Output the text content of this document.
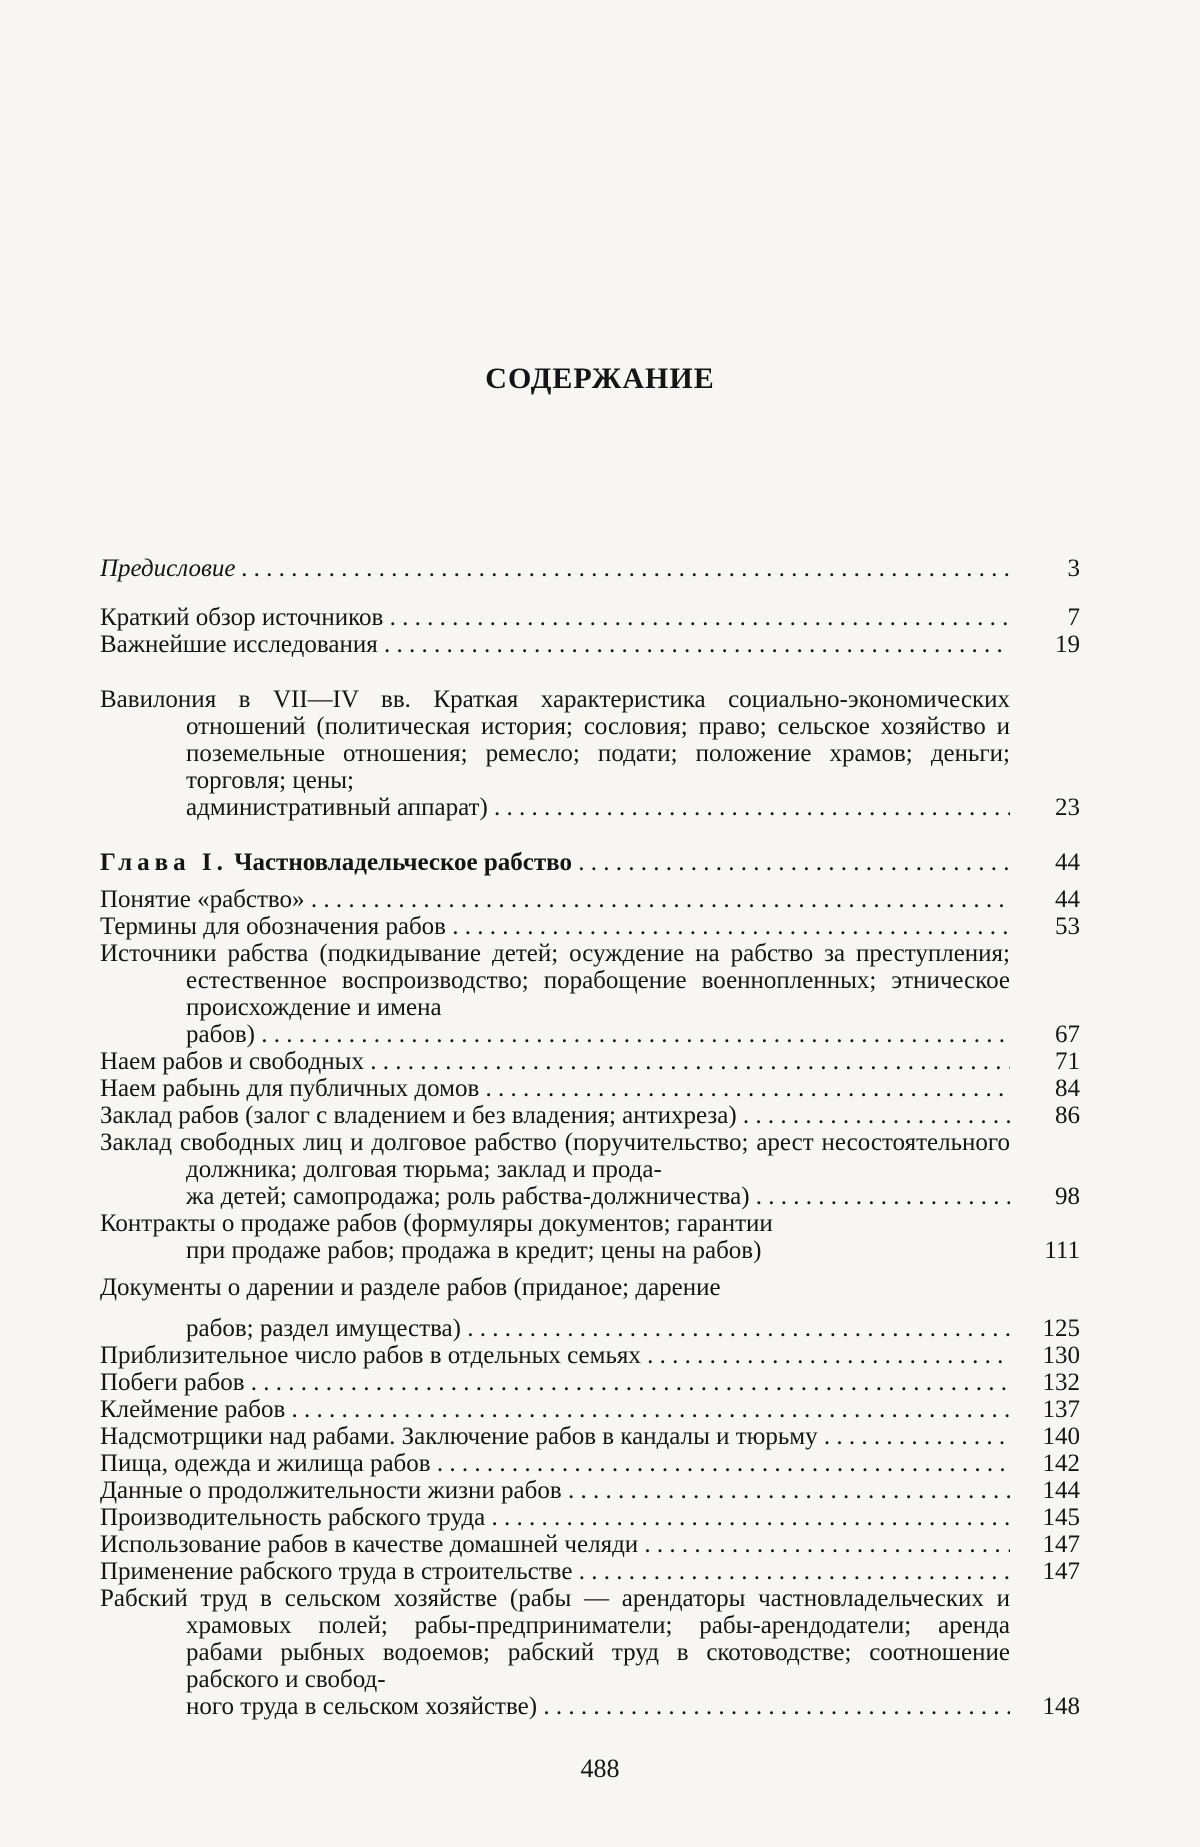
СОДЕРЖАНИЕ
Предисловие . . .	3
Краткий обзор источников . . .	7
Важнейшие исследования . . .	19
Вавилония в VII—IV вв. Краткая характеристика социально-экономических отношений (политическая история; сословия; право; сельское хозяйство и поземельные отношения; ремесло; подати; положение храмов; деньги; торговля; цены;
административный аппарат) . . .	23
Глава I. Частновладельческое рабство . . .	44
Понятие «рабство» . . .	44
Термины для обозначения рабов . . .	53
Источники рабства (подкидывание детей; осуждение на рабство за преступления; естественное воспроизводство; порабощение военнопленных; этническое происхождение и имена
рабов) . . .	67
Наем рабов и свободных . . .	71
Наем рабынь для публичных домов . . .	84
Заклад рабов (залог с владением и без владения; антихреза) . . .	86
Заклад свободных лиц и долговое рабство (поручительство; арест несостоятельного должника; долговая тюрьма; заклад и прода-
жа детей; самопродажа; роль рабства-должничества) . . .	98
Контракты о продаже рабов (формуляры документов; гарантии
при продаже рабов; продажа в кредит; цены на рабов)	111
Документы о дарении и разделе рабов (приданое; дарение
рабов; раздел имущества) . . .	125
Приблизительное число рабов в отдельных семьях . . .	130
Побеги рабов . . .	132
Клеймение рабов . . .	137
Надсмотрщики над рабами. Заключение рабов в кандалы и тюрьму . . .	140
Пища, одежда и жилища рабов . . .	142
Данные о продолжительности жизни рабов . . .	144
Производительность рабского труда . . .	145
Использование рабов в качестве домашней челяди . . .	147
Применение рабского труда в строительстве . . .	147
Рабский труд в сельском хозяйстве (рабы — арендаторы частновладельческих и храмовых полей; рабы-предприниматели; рабы-арендодатели; аренда рабами рыбных водоемов; рабский труд в скотоводстве; соотношение рабского и свобод-
ного труда в сельском хозяйстве) . . .	148
488
